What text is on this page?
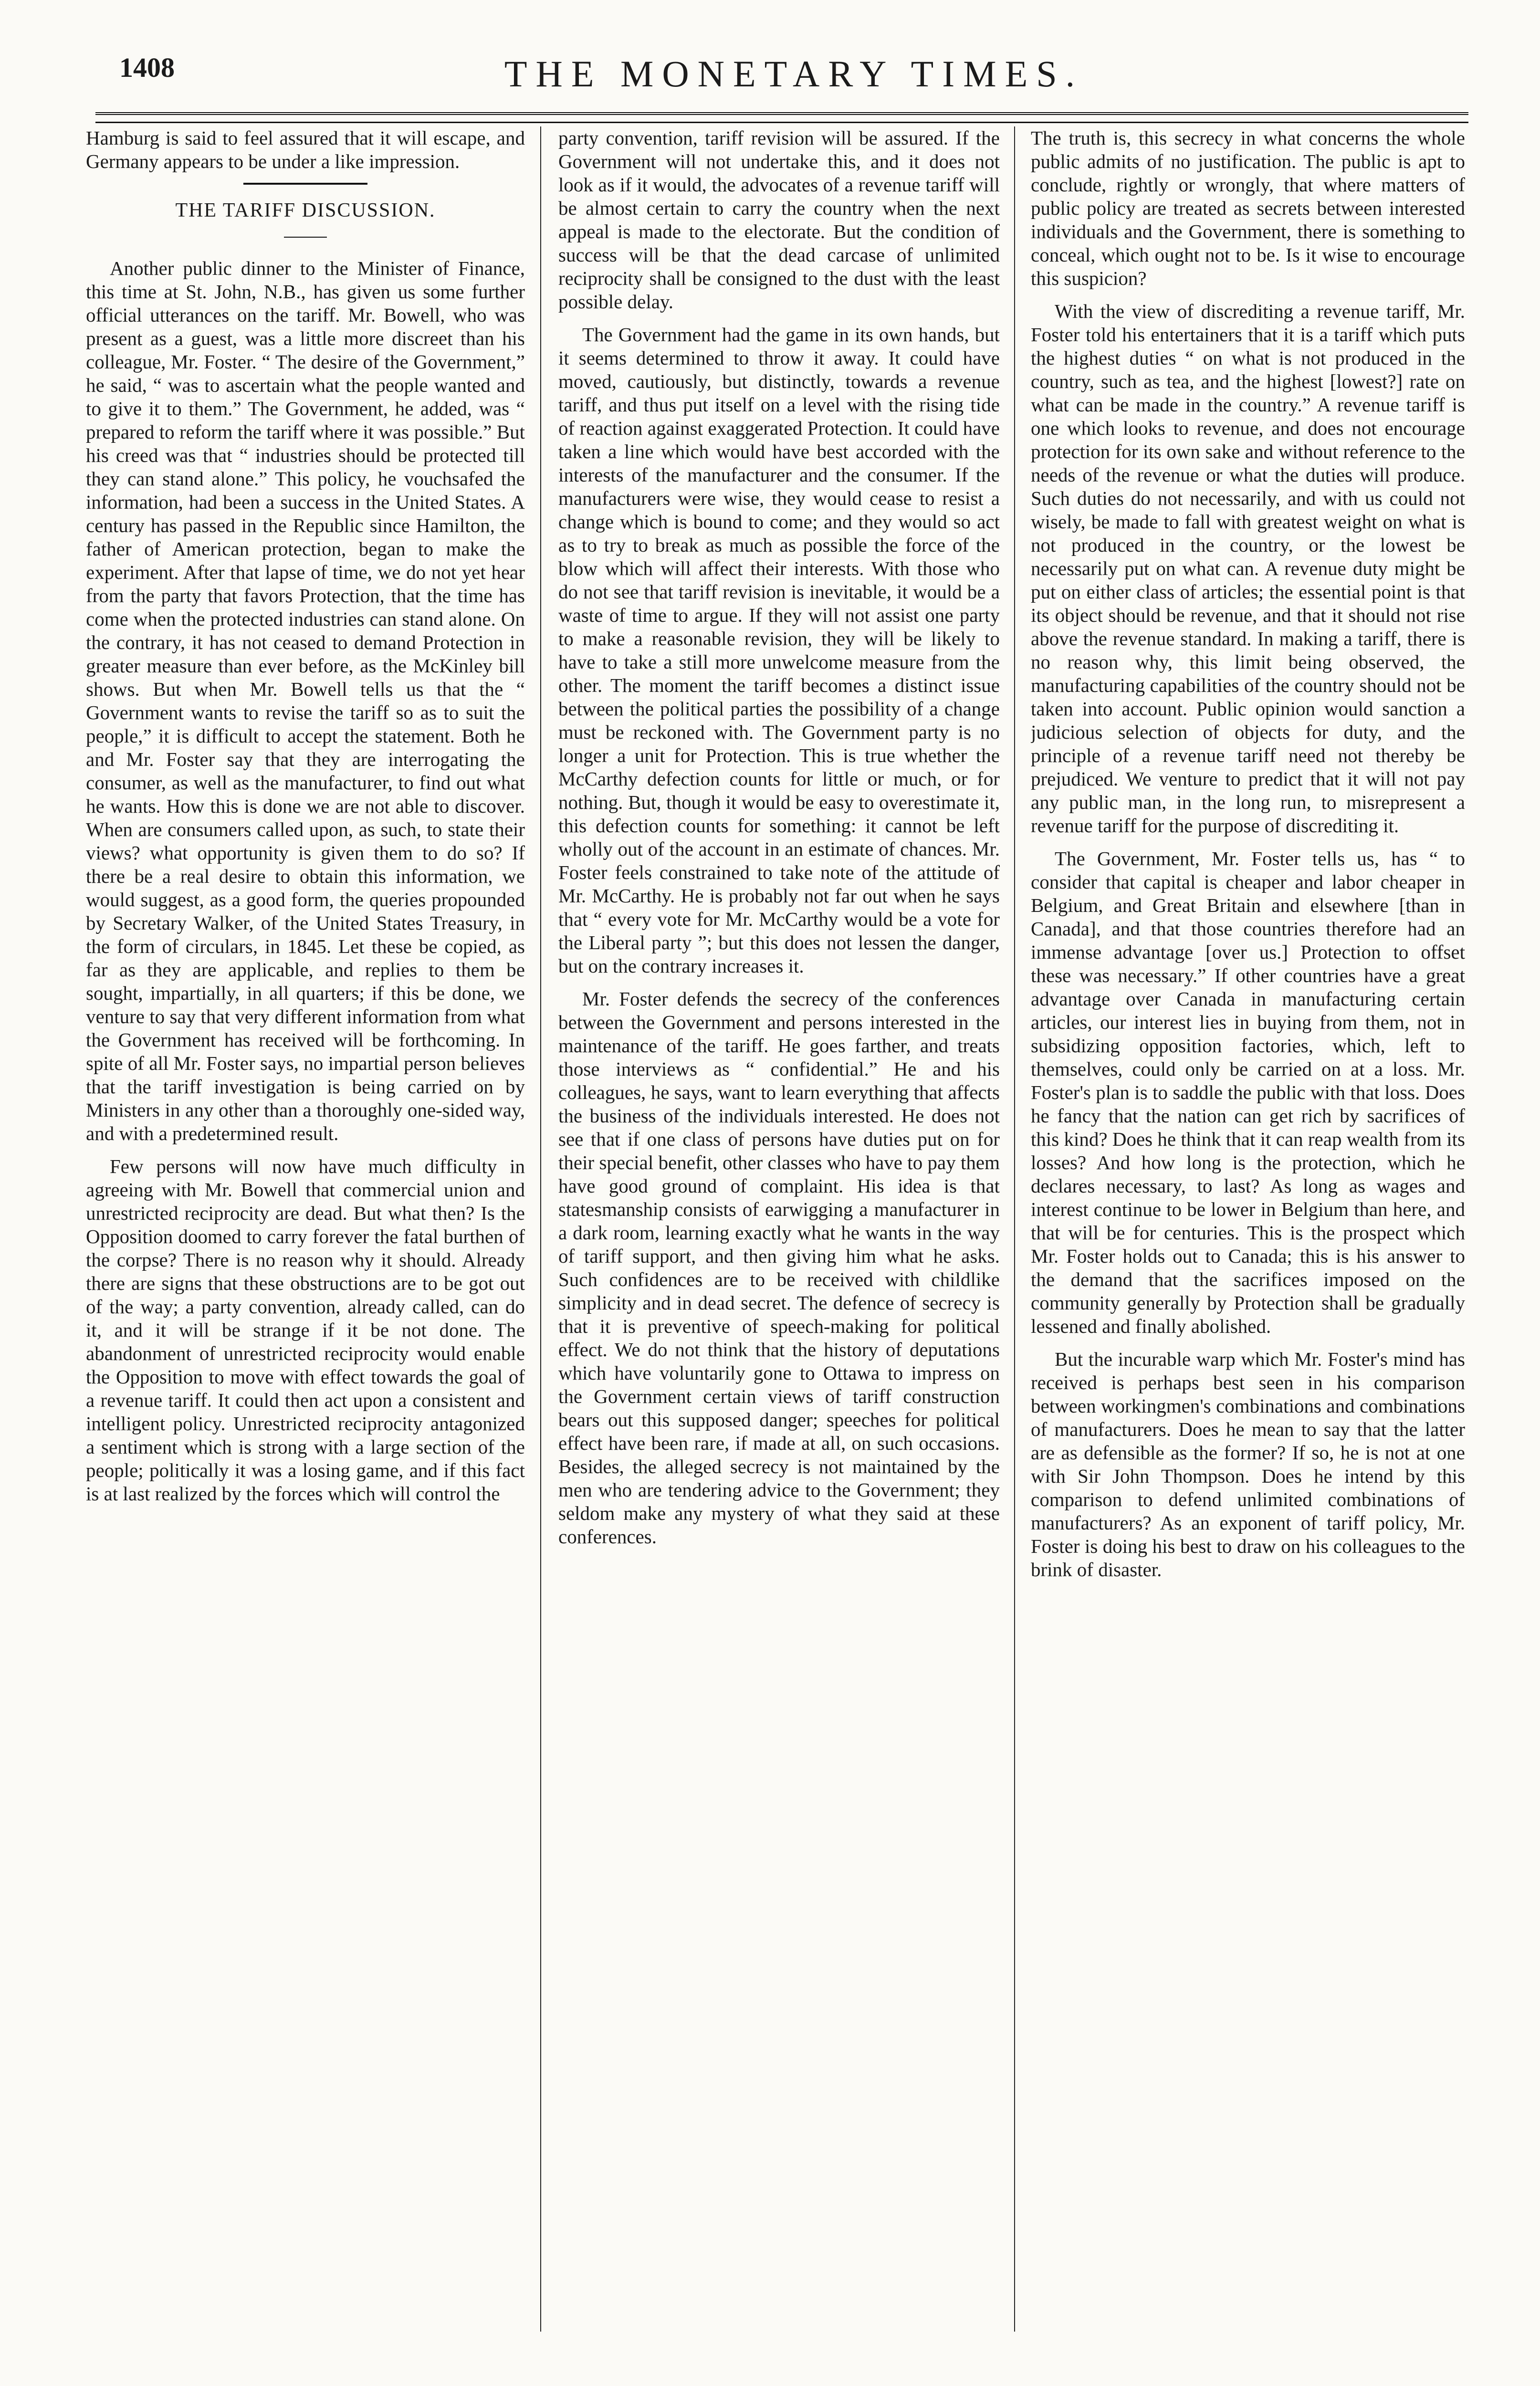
1408	THE MONETARY TIMES.

Hamburg is said to feel assured that it will escape, and Germany appears to be under a like impression.

THE TARIFF DISCUSSION.

Another public dinner to the Minister of Finance, this time at St. John, N.B., has given us some further official utterances on the tariff. Mr. Bowell, who was present as a guest, was a little more discreet than his colleague, Mr. Foster. “ The desire of the Government,” he said, “ was to ascertain what the people wanted and to give it to them.” The Government, he added, was “ prepared to reform the tariff where it was possible.” But his creed was that “ industries should be protected till they can stand alone.” This policy, he vouchsafed the information, had been a success in the United States. A century has passed in the Republic since Hamilton, the father of American protection, began to make the experiment. After that lapse of time, we do not yet hear from the party that favors Protection, that the time has come when the protected industries can stand alone. On the contrary, it has not ceased to demand Protection in greater measure than ever before, as the McKinley bill shows. But when Mr. Bowell tells us that the “ Government wants to revise the tariff so as to suit the people,” it is difficult to accept the statement. Both he and Mr. Foster say that they are interrogating the consumer, as well as the manufacturer, to find out what he wants. How this is done we are not able to discover. When are consumers called upon, as such, to state their views? what opportunity is given them to do so? If there be a real desire to obtain this information, we would suggest, as a good form, the queries propounded by Secretary Walker, of the United States Treasury, in the form of circulars, in 1845. Let these be copied, as far as they are applicable, and replies to them be sought, impartially, in all quarters; if this be done, we venture to say that very different information from what the Government has received will be forthcoming. In spite of all Mr. Foster says, no impartial person believes that the tariff investigation is being carried on by Ministers in any other than a thoroughly one-sided way, and with a predetermined result.

Few persons will now have much difficulty in agreeing with Mr. Bowell that commercial union and unrestricted reciprocity are dead. But what then? Is the Opposition doomed to carry forever the fatal burthen of the corpse? There is no reason why it should. Already there are signs that these obstructions are to be got out of the way; a party convention, already called, can do it, and it will be strange if it be not done. The abandonment of unrestricted reciprocity would enable the Opposition to move with effect towards the goal of a revenue tariff. It could then act upon a consistent and intelligent policy. Unrestricted reciprocity antagonized a sentiment which is strong with a large section of the people; politically it was a losing game, and if this fact is at last realized by the forces which will control the

party convention, tariff revision will be assured. If the Government will not undertake this, and it does not look as if it would, the advocates of a revenue tariff will be almost certain to carry the country when the next appeal is made to the electorate. But the condition of success will be that the dead carcase of unlimited reciprocity shall be consigned to the dust with the least possible delay.

The Government had the game in its own hands, but it seems determined to throw it away. It could have moved, cautiously, but distinctly, towards a revenue tariff, and thus put itself on a level with the rising tide of reaction against exaggerated Protection. It could have taken a line which would have best accorded with the interests of the manufacturer and the consumer. If the manufacturers were wise, they would cease to resist a change which is bound to come; and they would so act as to try to break as much as possible the force of the blow which will affect their interests. With those who do not see that tariff revision is inevitable, it would be a waste of time to argue. If they will not assist one party to make a reasonable revision, they will be likely to have to take a still more unwelcome measure from the other. The moment the tariff becomes a distinct issue between the political parties the possibility of a change must be reckoned with. The Government party is no longer a unit for Protection. This is true whether the McCarthy defection counts for little or much, or for nothing. But, though it would be easy to overestimate it, this defection counts for something: it cannot be left wholly out of the account in an estimate of chances. Mr. Foster feels constrained to take note of the attitude of Mr. McCarthy. He is probably not far out when he says that “ every vote for Mr. McCarthy would be a vote for the Liberal party ”; but this does not lessen the danger, but on the contrary increases it.

Mr. Foster defends the secrecy of the conferences between the Government and persons interested in the maintenance of the tariff. He goes farther, and treats those interviews as “ confidential.” He and his colleagues, he says, want to learn everything that affects the business of the individuals interested. He does not see that if one class of persons have duties put on for their special benefit, other classes who have to pay them have good ground of complaint. His idea is that statesmanship consists of earwigging a manufacturer in a dark room, learning exactly what he wants in the way of tariff support, and then giving him what he asks. Such confidences are to be received with childlike simplicity and in dead secret. The defence of secrecy is that it is preventive of speech-making for political effect. We do not think that the history of deputations which have voluntarily gone to Ottawa to impress on the Government certain views of tariff construction bears out this supposed danger; speeches for political effect have been rare, if made at all, on such occasions. Besides, the alleged secrecy is not maintained by the men who are tendering advice to the Government; they seldom make any mystery of what they said at these conferences.

The truth is, this secrecy in what concerns the whole public admits of no justification. The public is apt to conclude, rightly or wrongly, that where matters of public policy are treated as secrets between interested individuals and the Government, there is something to conceal, which ought not to be. Is it wise to encourage this suspicion?

With the view of discrediting a revenue tariff, Mr. Foster told his entertainers that it is a tariff which puts the highest duties “ on what is not produced in the country, such as tea, and the highest [lowest?] rate on what can be made in the country.” A revenue tariff is one which looks to revenue, and does not encourage protection for its own sake and without reference to the needs of the revenue or what the duties will produce. Such duties do not necessarily, and with us could not wisely, be made to fall with greatest weight on what is not produced in the country, or the lowest be necessarily put on what can. A revenue duty might be put on either class of articles; the essential point is that its object should be revenue, and that it should not rise above the revenue standard. In making a tariff, there is no reason why, this limit being observed, the manufacturing capabilities of the country should not be taken into account. Public opinion would sanction a judicious selection of objects for duty, and the principle of a revenue tariff need not thereby be prejudiced. We venture to predict that it will not pay any public man, in the long run, to misrepresent a revenue tariff for the purpose of discrediting it.

The Government, Mr. Foster tells us, has “ to consider that capital is cheaper and labor cheaper in Belgium, and Great Britain and elsewhere [than in Canada], and that those countries therefore had an immense advantage [over us.] Protection to offset these was necessary.” If other countries have a great advantage over Canada in manufacturing certain articles, our interest lies in buying from them, not in subsidizing opposition factories, which, left to themselves, could only be carried on at a loss. Mr. Foster's plan is to saddle the public with that loss. Does he fancy that the nation can get rich by sacrifices of this kind? Does he think that it can reap wealth from its losses? And how long is the protection, which he declares necessary, to last? As long as wages and interest continue to be lower in Belgium than here, and that will be for centuries. This is the prospect which Mr. Foster holds out to Canada; this is his answer to the demand that the sacrifices imposed on the community generally by Protection shall be gradually lessened and finally abolished.

But the incurable warp which Mr. Foster's mind has received is perhaps best seen in his comparison between workingmen's combinations and combinations of manufacturers. Does he mean to say that the latter are as defensible as the former? If so, he is not at one with Sir John Thompson. Does he intend by this comparison to defend unlimited combinations of manufacturers? As an exponent of tariff policy, Mr. Foster is doing his best to draw on his colleagues to the brink of disaster.
